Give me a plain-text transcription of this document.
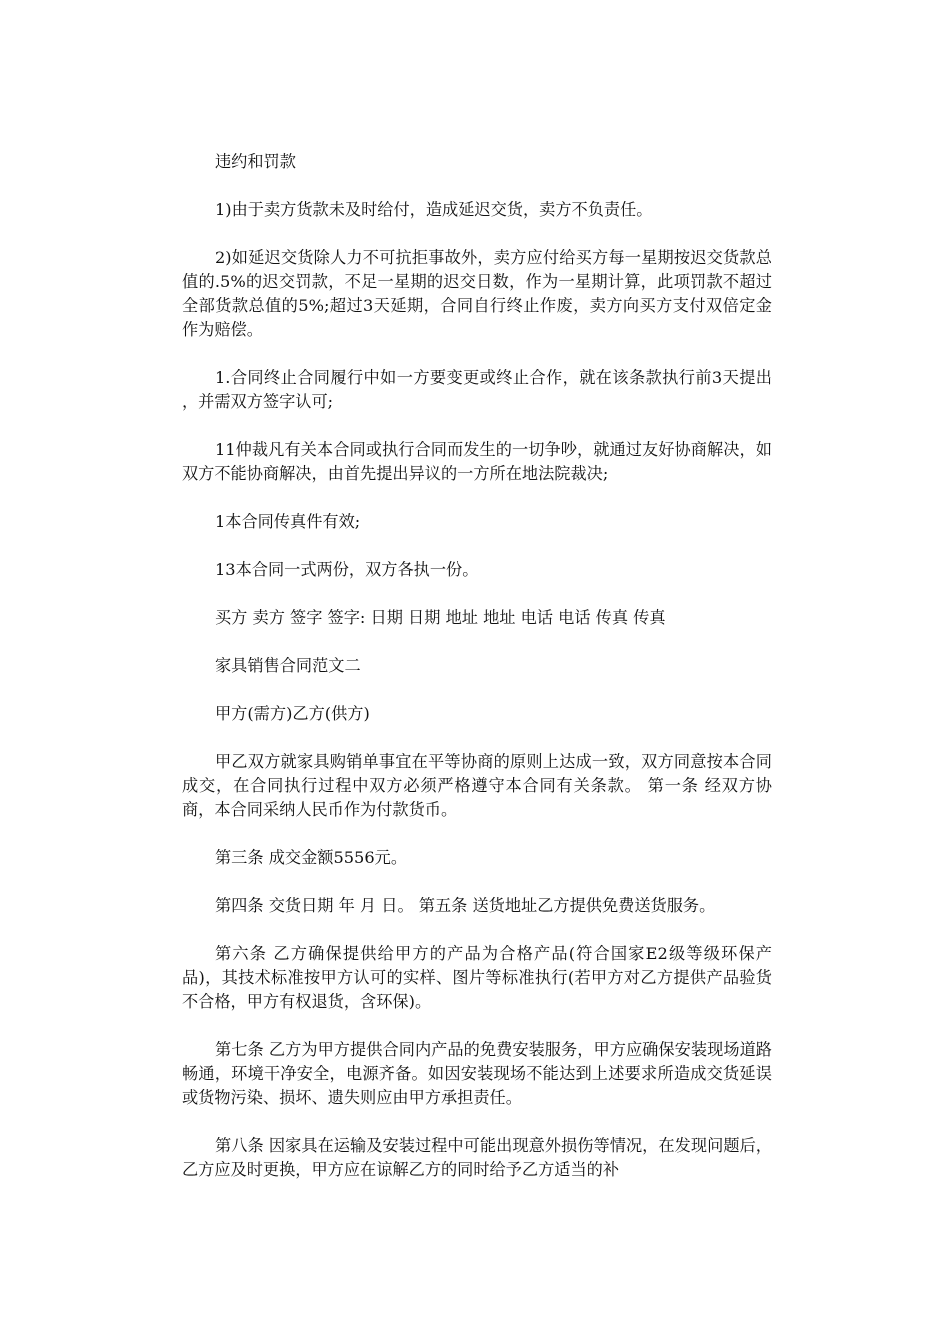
违约和罚款

1)由于卖方货款未及时给付，造成延迟交货，卖方不负责任。

2)如延迟交货除人力不可抗拒事故外，卖方应付给买方每一星期按迟交货款总值的.5%的迟交罚款，不足一星期的迟交日数，作为一星期计算，此项罚款不超过全部货款总值的5%;超过3天延期，合同自行终止作废，卖方向买方支付双倍定金作为赔偿。

1.合同终止合同履行中如一方要变更或终止合作，就在该条款执行前3天提出 ，并需双方签字认可;

11仲裁凡有关本合同或执行合同而发生的一切争吵，就通过友好协商解决，如双方不能协商解决，由首先提出异议的一方所在地法院裁决;

1本合同传真件有效;

13本合同一式两份，双方各执一份。

买方 卖方 签字 签字: 日期 日期 地址 地址 电话 电话 传真 传真

家具销售合同范文二

甲方(需方)乙方(供方)

甲乙双方就家具购销单事宜在平等协商的原则上达成一致，双方同意按本合同成交，在合同执行过程中双方必须严格遵守本合同有关条款。 第一条 经双方协商，本合同采纳人民币作为付款货币。

第三条 成交金额5556元。

第四条 交货日期 年 月 日。 第五条 送货地址乙方提供免费送货服务。

第六条 乙方确保提供给甲方的产品为合格产品(符合国家E2级等级环保产品)，其技术标准按甲方认可的实样、图片等标准执行(若甲方对乙方提供产品验货不合格，甲方有权退货，含环保)。

第七条 乙方为甲方提供合同内产品的免费安装服务，甲方应确保安装现场道路畅通，环境干净安全，电源齐备。如因安装现场不能达到上述要求所造成交货延误或货物污染、损坏、遗失则应由甲方承担责任。

第八条 因家具在运输及安装过程中可能出现意外损伤等情况，在发现问题后，乙方应及时更换，甲方应在谅解乙方的同时给予乙方适当的补
